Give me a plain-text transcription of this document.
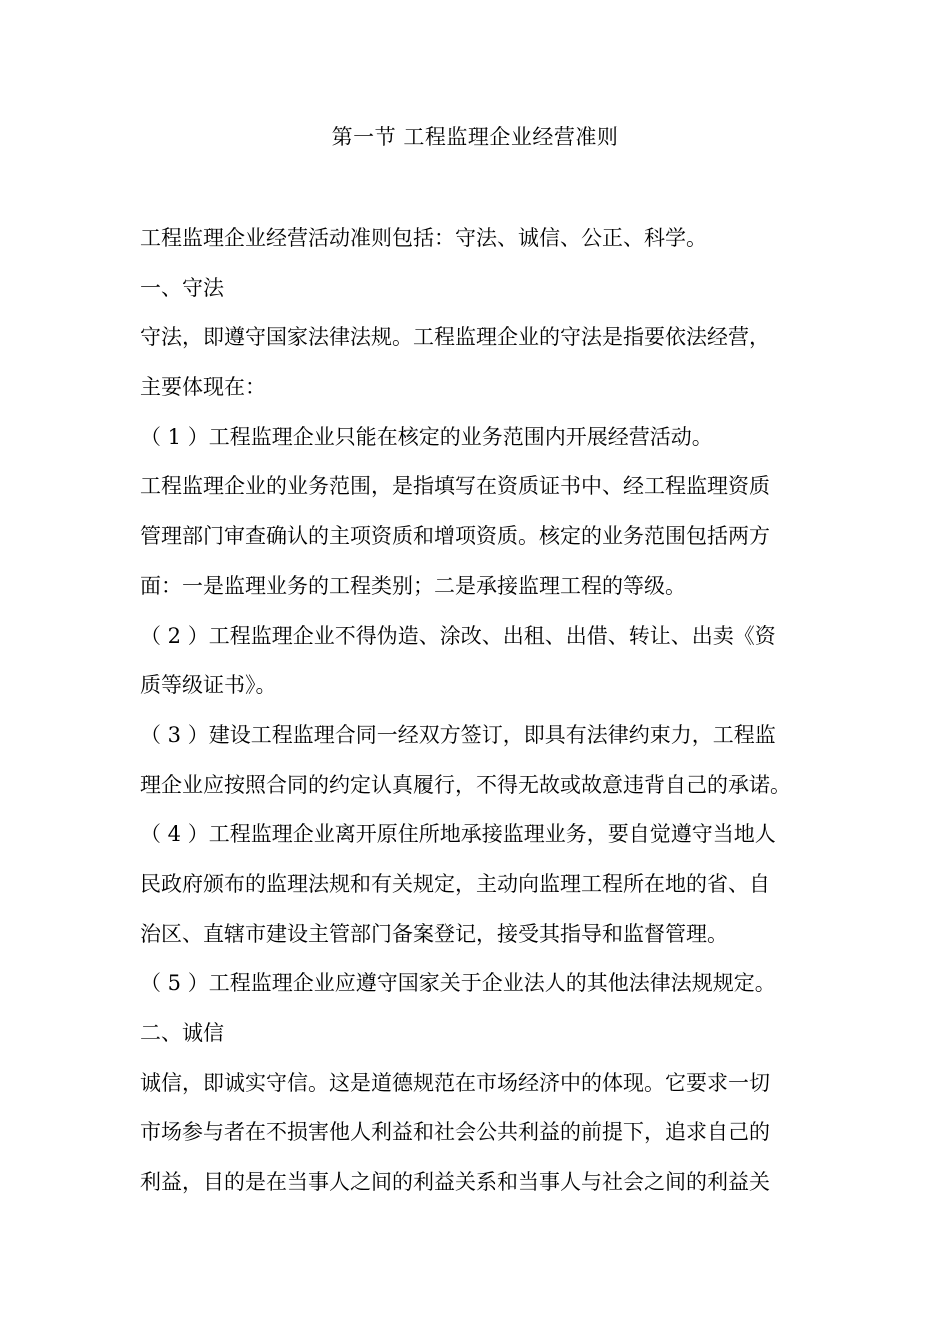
第一节 工程监理企业经营准则
工程监理企业经营活动准则包括：守法、诚信、公正、科学。
一、守法
守法，即遵守国家法律法规。工程监理企业的守法是指要依法经营，
主要体现在：
（ 1 ）工程监理企业只能在核定的业务范围内开展经营活动。
工程监理企业的业务范围，是指填写在资质证书中、经工程监理资质
管理部门审查确认的主项资质和增项资质。核定的业务范围包括两方
面：一是监理业务的工程类别；二是承接监理工程的等级。
（ 2 ）工程监理企业不得伪造、涂改、出租、出借、转让、出卖《资
质等级证书》。
（ 3 ）建设工程监理合同一经双方签订，即具有法律约束力，工程监
理企业应按照合同的约定认真履行，不得无故或故意违背自己的承诺。
（ 4 ）工程监理企业离开原住所地承接监理业务，要自觉遵守当地人
民政府颁布的监理法规和有关规定，主动向监理工程所在地的省、自
治区、直辖市建设主管部门备案登记，接受其指导和监督管理。
（ 5 ）工程监理企业应遵守国家关于企业法人的其他法律法规规定。
二、诚信
诚信，即诚实守信。这是道德规范在市场经济中的体现。它要求一切
市场参与者在不损害他人利益和社会公共利益的前提下，追求自己的
利益，目的是在当事人之间的利益关系和当事人与社会之间的利益关
